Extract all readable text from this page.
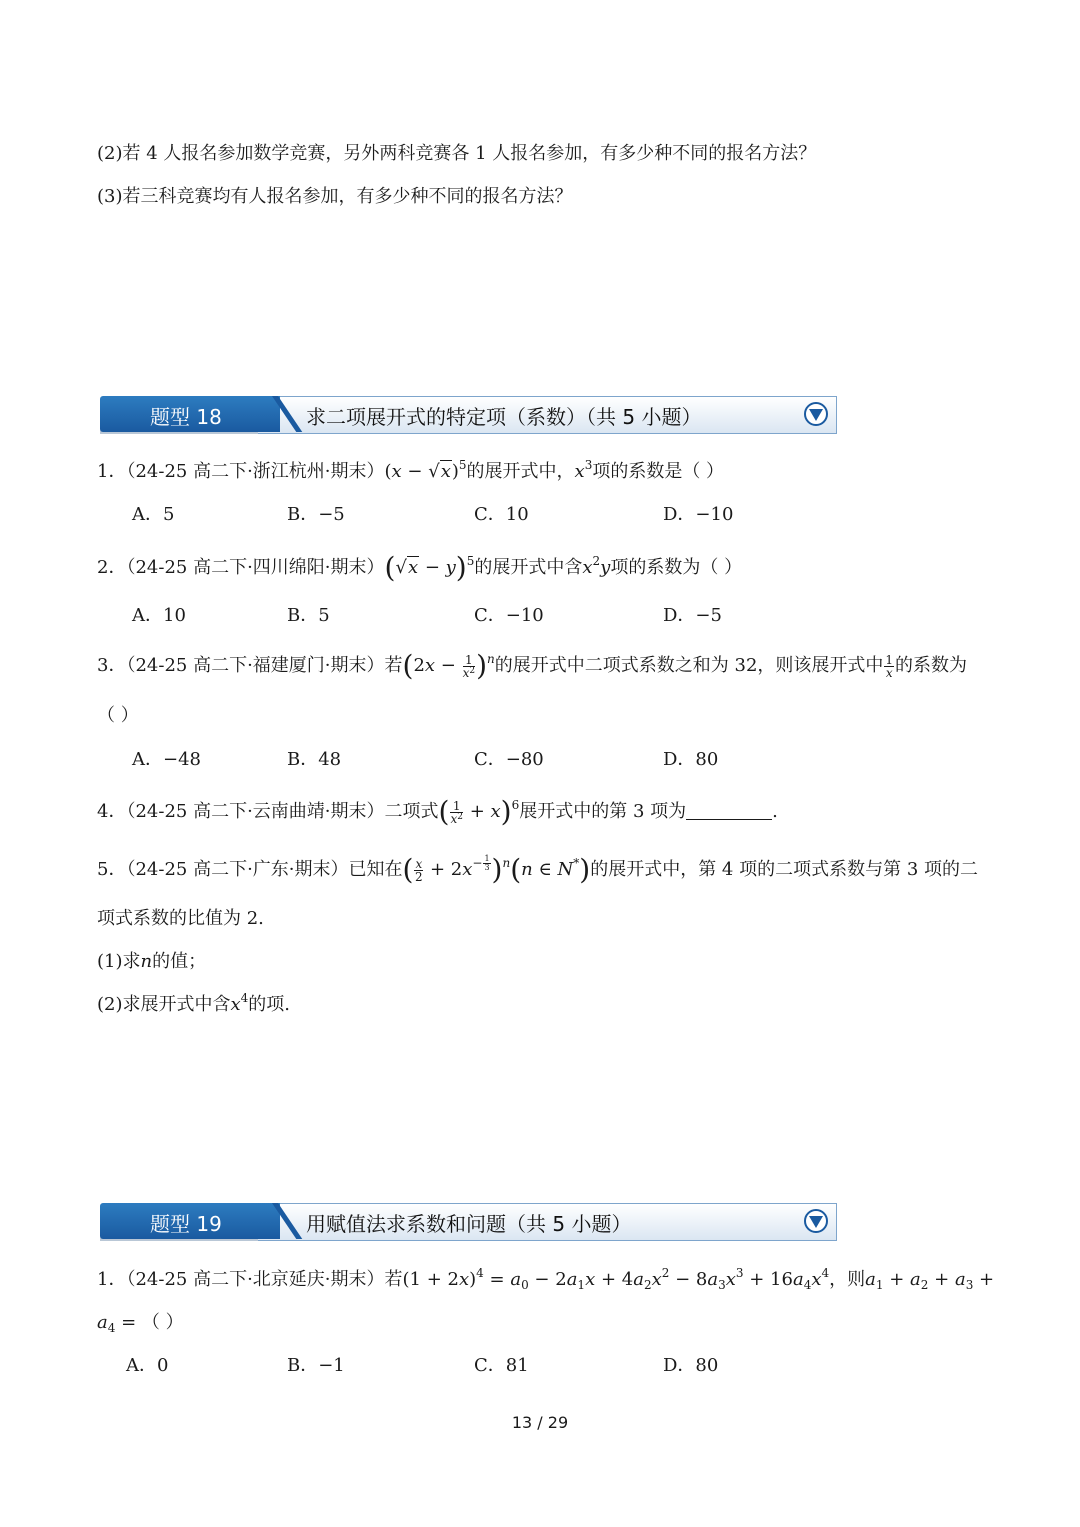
(2)若 4 人报名参加数学竞赛，另外两科竞赛各 1 人报名参加，有多少种不同的报名方法？
(3)若三科竞赛均有人报名参加，有多少种不同的报名方法？
题型 18	求二项展开式的特定项（系数）（共 5 小题）
1．（24-25 高二下·浙江杭州·期末）$(x - √x)^5$的展开式中，$x^3$项的系数是（ ）
A．5	B．−5	C．10	D．−10
2．（24-25 高二下·四川绵阳·期末）$(√x - y)^5$的展开式中含$x^2y$项的系数为（ ）
A．10	B．5	C．−10	D．−5
3．（24-25 高二下·福建厦门·期末）若$(2x - \frac{1}{x^2} )^n$的展开式中二项式系数之和为 32，则该展开式中 $\frac{1}{x}$ 的系数为
（ ）
A．−48	B．48	C．−80	D．80
4．（24-25 高二下·云南曲靖·期末）二项式( $\frac{1}{x^2} + x)^6$展开式中的第 3 项为	.
5．（24-25 高二下·广东·期末）已知在( $\frac{x}{2} + 2x^{- \frac{1}{3}}$ )$^n$(n ∈ N*)的展开式中，第 4 项的二项式系数与第 3 项的二
项式系数的比值为 2.
(1)求n的值；
(2)求展开式中含$x^4$的项.
题型 19	用赋值法求系数和问题（共 5 小题）
1．（24-25 高二下·北京延庆·期末）若$(1 + 2x)^4 = a_0 - 2a_1x + 4a_2x^2 - 8a_3x^3 + 16a_4x^4$，则$a_1 + a_2 + a_3$ +
$a_4$ = （ ）
A．0	B．−1	C．81	D．80
13 / 29
